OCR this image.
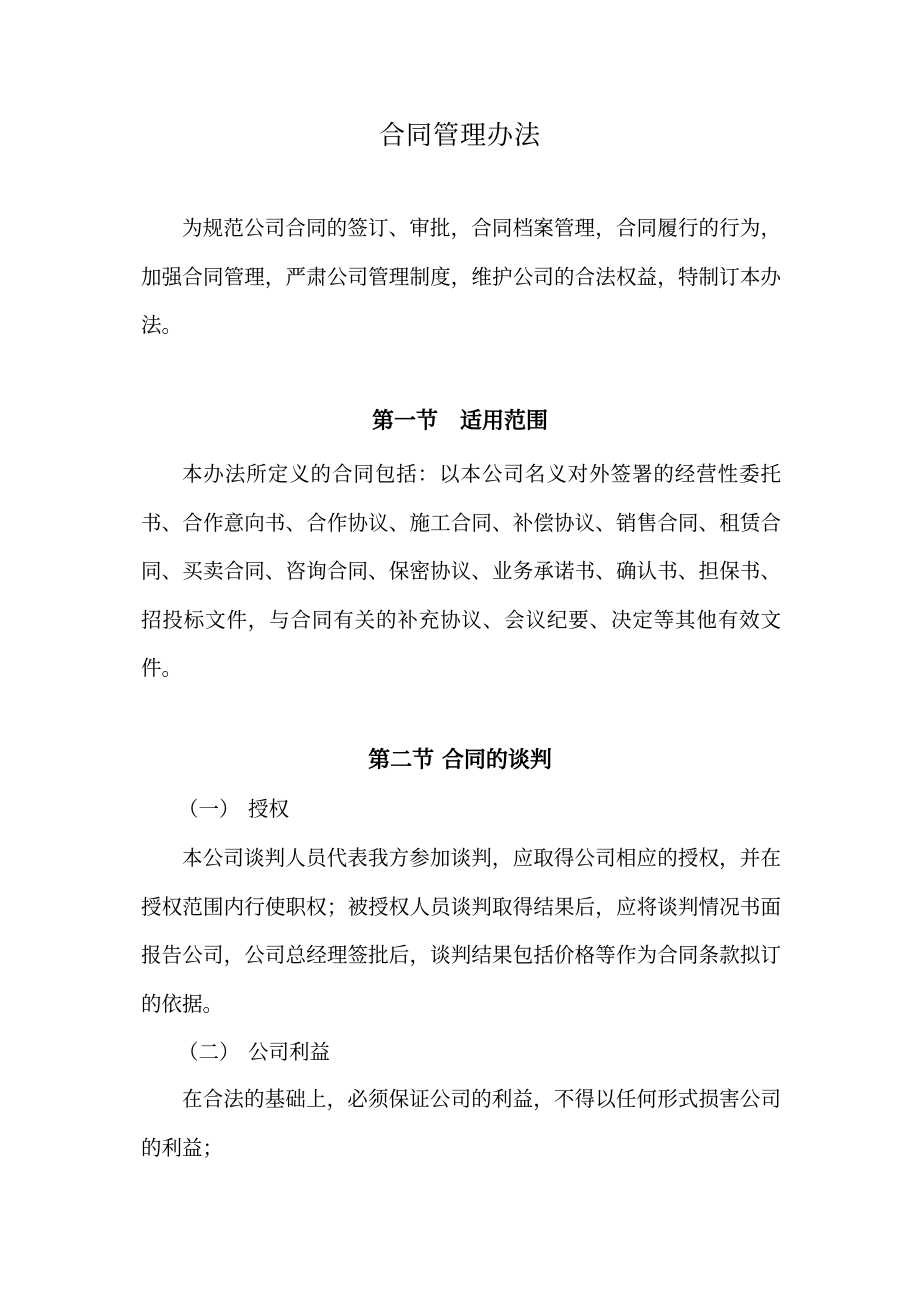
合同管理办法
为规范公司合同的签订、审批，合同档案管理，合同履行的行为，加强合同管理，严肃公司管理制度，维护公司的合法权益，特制订本办法。
第一节　适用范围
本办法所定义的合同包括：以本公司名义对外签署的经营性委托书、合作意向书、合作协议、施工合同、补偿协议、销售合同、租赁合同、买卖合同、咨询合同、保密协议、业务承诺书、确认书、担保书、招投标文件，与合同有关的补充协议、会议纪要、决定等其他有效文件。
第二节 合同的谈判
（一） 授权
本公司谈判人员代表我方参加谈判，应取得公司相应的授权，并在授权范围内行使职权；被授权人员谈判取得结果后，应将谈判情况书面报告公司，公司总经理签批后，谈判结果包括价格等作为合同条款拟订的依据。
（二） 公司利益
在合法的基础上，必须保证公司的利益，不得以任何形式损害公司的利益；
